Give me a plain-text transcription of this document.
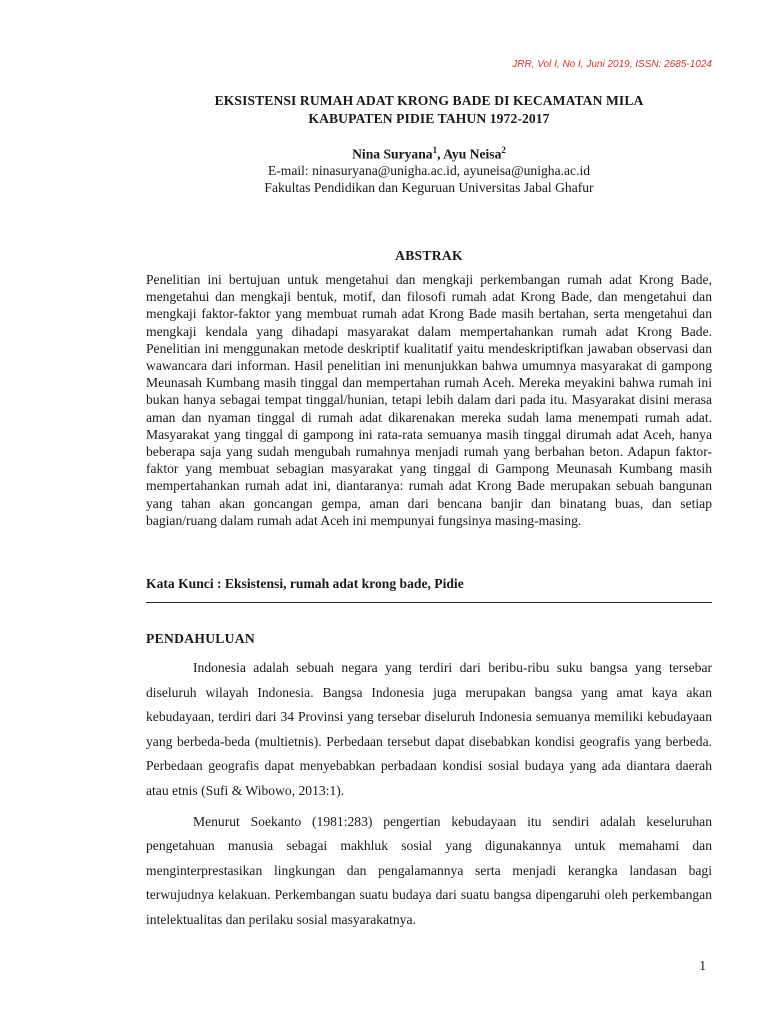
JRR, Vol I, No I, Juni 2019, ISSN: 2685-1024
EKSISTENSI RUMAH ADAT KRONG BADE DI KECAMATAN MILA
KABUPATEN PIDIE TAHUN 1972-2017
Nina Suryana$^1$, Ayu Neisa$^2$
E-mail: ninasuryana@unigha.ac.id, ayuneisa@unigha.ac.id
Fakultas Pendidikan dan Keguruan Universitas Jabal Ghafur
ABSTRAK
Penelitian ini bertujuan untuk mengetahui dan mengkaji perkembangan rumah adat Krong Bade, mengetahui dan mengkaji bentuk, motif, dan filosofi rumah adat Krong Bade, dan mengetahui dan mengkaji faktor-faktor yang membuat rumah adat Krong Bade masih bertahan, serta mengetahui dan mengkaji kendala yang dihadapi masyarakat dalam mempertahankan rumah adat Krong Bade. Penelitian ini menggunakan metode deskriptif kualitatif yaitu mendeskriptifkan jawaban observasi dan wawancara dari informan. Hasil penelitian ini menunjukkan bahwa umumnya masyarakat di gampong Meunasah Kumbang masih tinggal dan mempertahan rumah Aceh. Mereka meyakini bahwa rumah ini bukan hanya sebagai tempat tinggal/hunian, tetapi lebih dalam dari pada itu. Masyarakat disini merasa aman dan nyaman tinggal di rumah adat dikarenakan mereka sudah lama menempati rumah adat. Masyarakat yang tinggal di gampong ini rata-rata semuanya masih tinggal dirumah adat Aceh, hanya beberapa saja yang sudah mengubah rumahnya menjadi rumah yang berbahan beton. Adapun faktor-faktor yang membuat sebagian masyarakat yang tinggal di Gampong Meunasah Kumbang masih mempertahankan rumah adat ini, diantaranya: rumah adat Krong Bade merupakan sebuah bangunan yang tahan akan goncangan gempa, aman dari bencana banjir dan binatang buas, dan setiap bagian/ruang dalam rumah adat Aceh ini mempunyai fungsinya masing-masing.
Kata Kunci : Eksistensi, rumah adat krong bade, Pidie
PENDAHULUAN

Indonesia adalah sebuah negara yang terdiri dari beribu-ribu suku bangsa yang tersebar diseluruh wilayah Indonesia. Bangsa Indonesia juga merupakan bangsa yang amat kaya akan kebudayaan, terdiri dari 34 Provinsi yang tersebar diseluruh Indonesia semuanya memiliki kebudayaan yang berbeda-beda (multietnis). Perbedaan tersebut dapat disebabkan kondisi geografis yang berbeda. Perbedaan geografis dapat menyebabkan perbadaan kondisi sosial budaya yang ada diantara daerah atau etnis (Sufi & Wibowo, 2013:1).

Menurut Soekanto (1981:283) pengertian kebudayaan itu sendiri adalah keseluruhan pengetahuan manusia sebagai makhluk sosial yang digunakannya untuk memahami dan menginterprestasikan lingkungan dan pengalamannya serta menjadi kerangka landasan bagi terwujudnya kelakuan. Perkembangan suatu budaya dari suatu bangsa dipengaruhi oleh perkembangan intelektualitas dan perilaku sosial masyarakatnya.

1
